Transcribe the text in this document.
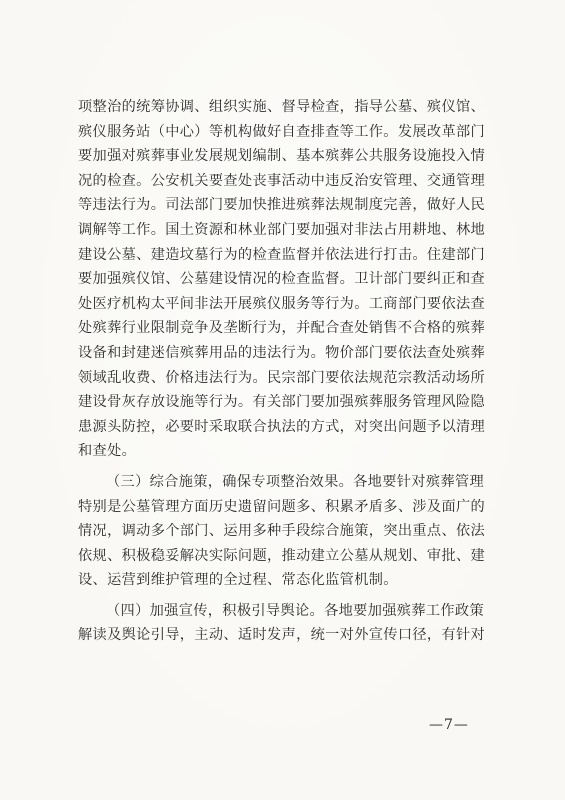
项整治的统筹协调、组织实施、督导检查，指导公墓、殡仪馆、
殡仪服务站（中心）等机构做好自查排查等工作。发展改革部门
要加强对殡葬事业发展规划编制、基本殡葬公共服务设施投入情
况的检查。公安机关要查处丧事活动中违反治安管理、交通管理
等违法行为。司法部门要加快推进殡葬法规制度完善，做好人民
调解等工作。国土资源和林业部门要加强对非法占用耕地、林地
建设公墓、建造坟墓行为的检查监督并依法进行打击。住建部门
要加强殡仪馆、公墓建设情况的检查监督。卫计部门要纠正和查
处医疗机构太平间非法开展殡仪服务等行为。工商部门要依法查
处殡葬行业限制竞争及垄断行为，并配合查处销售不合格的殡葬
设备和封建迷信殡葬用品的违法行为。物价部门要依法查处殡葬
领域乱收费、价格违法行为。民宗部门要依法规范宗教活动场所
建设骨灰存放设施等行为。有关部门要加强殡葬服务管理风险隐
患源头防控，必要时采取联合执法的方式，对突出问题予以清理
和查处。
（三）综合施策，确保专项整治效果。各地要针对殡葬管理
特别是公墓管理方面历史遗留问题多、积累矛盾多、涉及面广的
情况，调动多个部门、运用多种手段综合施策，突出重点、依法
依规、积极稳妥解决实际问题，推动建立公墓从规划、审批、建
设、运营到维护管理的全过程、常态化监管机制。
（四）加强宣传，积极引导舆论。各地要加强殡葬工作政策
解读及舆论引导，主动、适时发声，统一对外宣传口径，有针对
—7—
